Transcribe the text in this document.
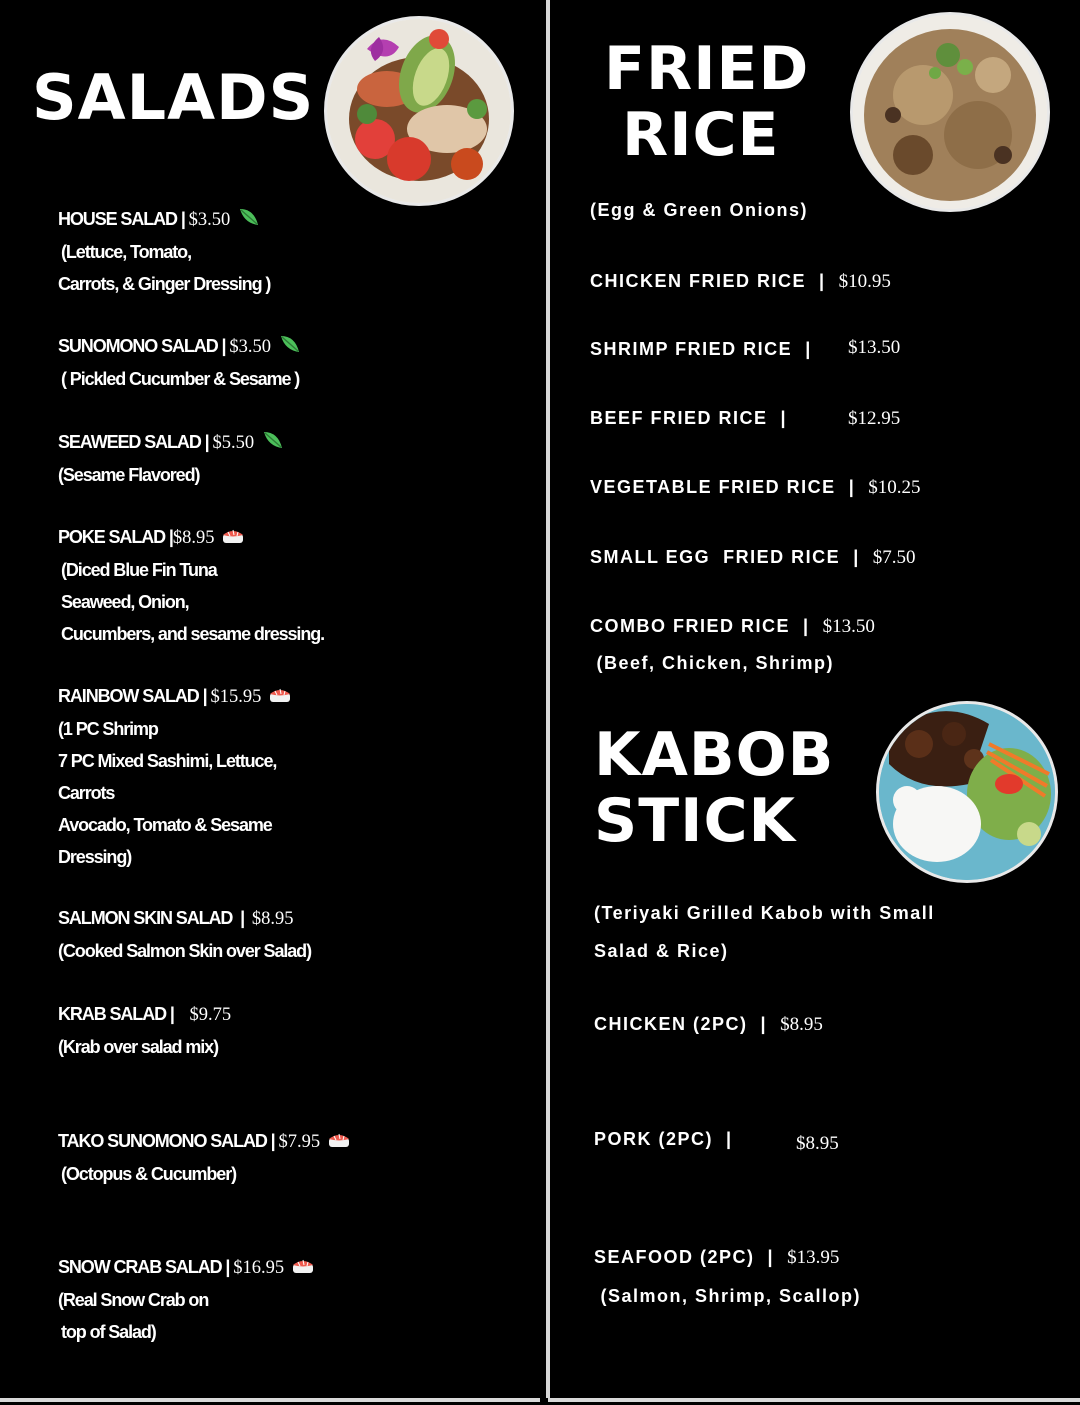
SALADS
HOUSE SALAD | $3.50
(Lettuce, Tomato,
Carrots, & Ginger Dressing )
SUNOMONO SALAD | $3.50
( Pickled Cucumber & Sesame )
SEAWEED SALAD | $5.50
(Sesame Flavored)
POKE SALAD |$8.95
(Diced Blue Fin Tuna
Seaweed, Onion,
Cucumbers, and sesame dressing.
RAINBOW SALAD | $15.95
(1 PC Shrimp
7 PC Mixed Sashimi, Lettuce,
Carrots
Avocado, Tomato & Sesame
Dressing)
SALMON SKIN SALAD  |  $8.95
(Cooked Salmon Skin over Salad)
KRAB SALAD |    $9.75
(Krab over salad mix)
TAKO SUNOMONO SALAD | $7.95
(Octopus & Cucumber)
SNOW CRAB SALAD | $16.95
(Real Snow Crab on
top of Salad)
FRIED
RICE
(Egg & Green Onions)
CHICKEN FRIED RICE  |  $10.95
SHRIMP FRIED RICE  | $13.50
BEEF FRIED RICE  |	$12.95
VEGETABLE FRIED RICE  |  $10.25
SMALL EGG  FRIED RICE  |  $7.50
COMBO FRIED RICE  |  $13.50
(Beef, Chicken, Shrimp)
KABOB
STICK
(Teriyaki Grilled Kabob with Small
Salad & Rice)
CHICKEN (2PC)  |  $8.95
PORK (2PC)  |	$8.95
SEAFOOD (2PC)  |  $13.95
(Salmon, Shrimp, Scallop)
